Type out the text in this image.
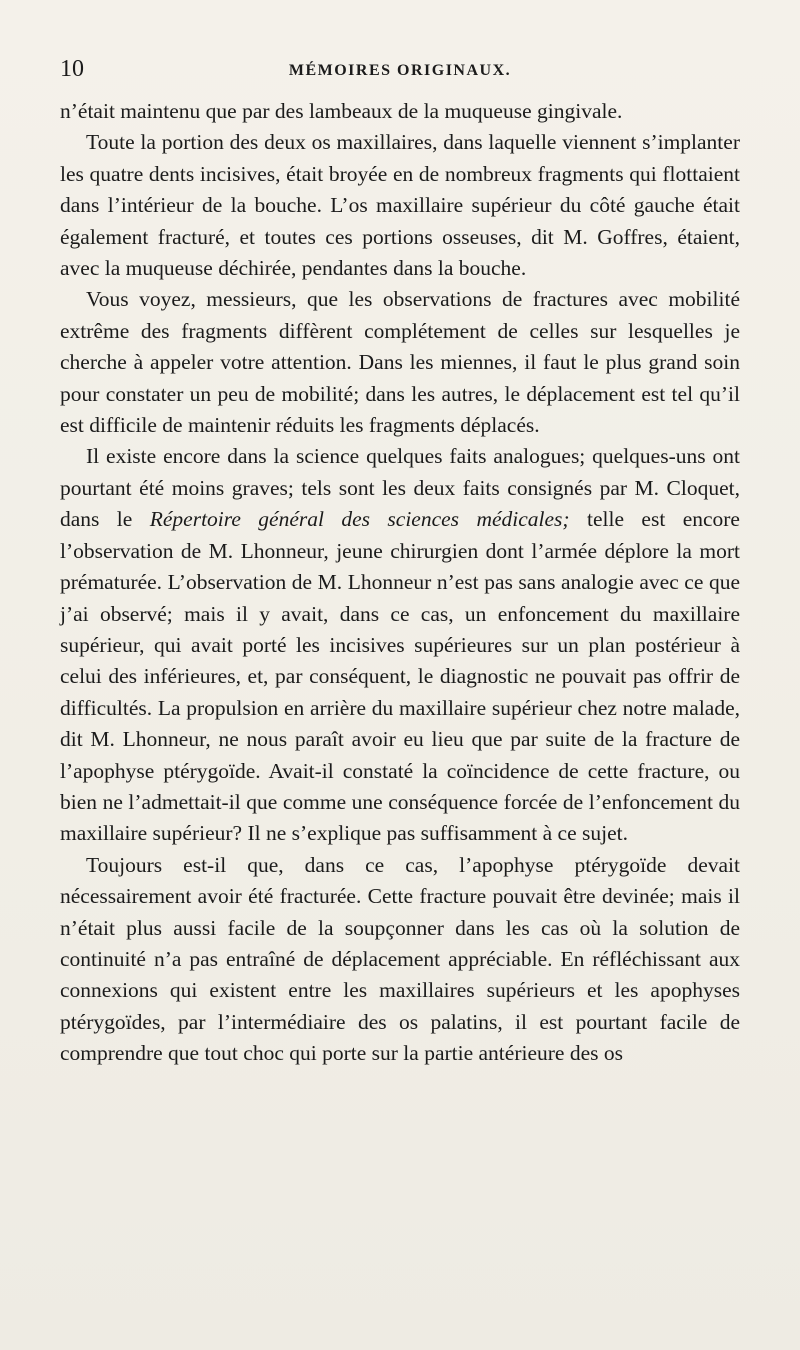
10	MÉMOIRES ORIGINAUX.

n’était maintenu que par des lambeaux de la muqueuse gingivale.

Toute la portion des deux os maxillaires, dans laquelle viennent s’implanter les quatre dents incisives, était broyée en de nombreux fragments qui flottaient dans l’intérieur de la bouche. L’os maxillaire supérieur du côté gauche était également fracturé, et toutes ces portions osseuses, dit M. Goffres, étaient, avec la muqueuse déchirée, pendantes dans la bouche.

Vous voyez, messieurs, que les observations de fractures avec mobilité extrême des fragments diffèrent complétement de celles sur lesquelles je cherche à appeler votre attention. Dans les miennes, il faut le plus grand soin pour constater un peu de mobilité; dans les autres, le déplacement est tel qu’il est difficile de maintenir réduits les fragments déplacés.

Il existe encore dans la science quelques faits analogues; quelques-uns ont pourtant été moins graves; tels sont les deux faits consignés par M. Cloquet, dans le Répertoire général des sciences médicales; telle est encore l’observation de M. Lhonneur, jeune chirurgien dont l’armée déplore la mort prématurée. L’observation de M. Lhonneur n’est pas sans analogie avec ce que j’ai observé; mais il y avait, dans ce cas, un enfoncement du maxillaire supérieur, qui avait porté les incisives supérieures sur un plan postérieur à celui des inférieures, et, par conséquent, le diagnostic ne pouvait pas offrir de difficultés. La propulsion en arrière du maxillaire supérieur chez notre malade, dit M. Lhonneur, ne nous paraît avoir eu lieu que par suite de la fracture de l’apophyse ptérygoïde. Avait-il constaté la coïncidence de cette fracture, ou bien ne l’admettait-il que comme une conséquence forcée de l’enfoncement du maxillaire supérieur? Il ne s’explique pas suffisamment à ce sujet.

Toujours est-il que, dans ce cas, l’apophyse ptérygoïde devait nécessairement avoir été fracturée. Cette fracture pouvait être devinée; mais il n’était plus aussi facile de la soupçonner dans les cas où la solution de continuité n’a pas entraîné de déplacement appréciable. En réfléchissant aux connexions qui existent entre les maxillaires supérieurs et les apophyses ptérygoïdes, par l’intermédiaire des os palatins, il est pourtant facile de comprendre que tout choc qui porte sur la partie antérieure des os
